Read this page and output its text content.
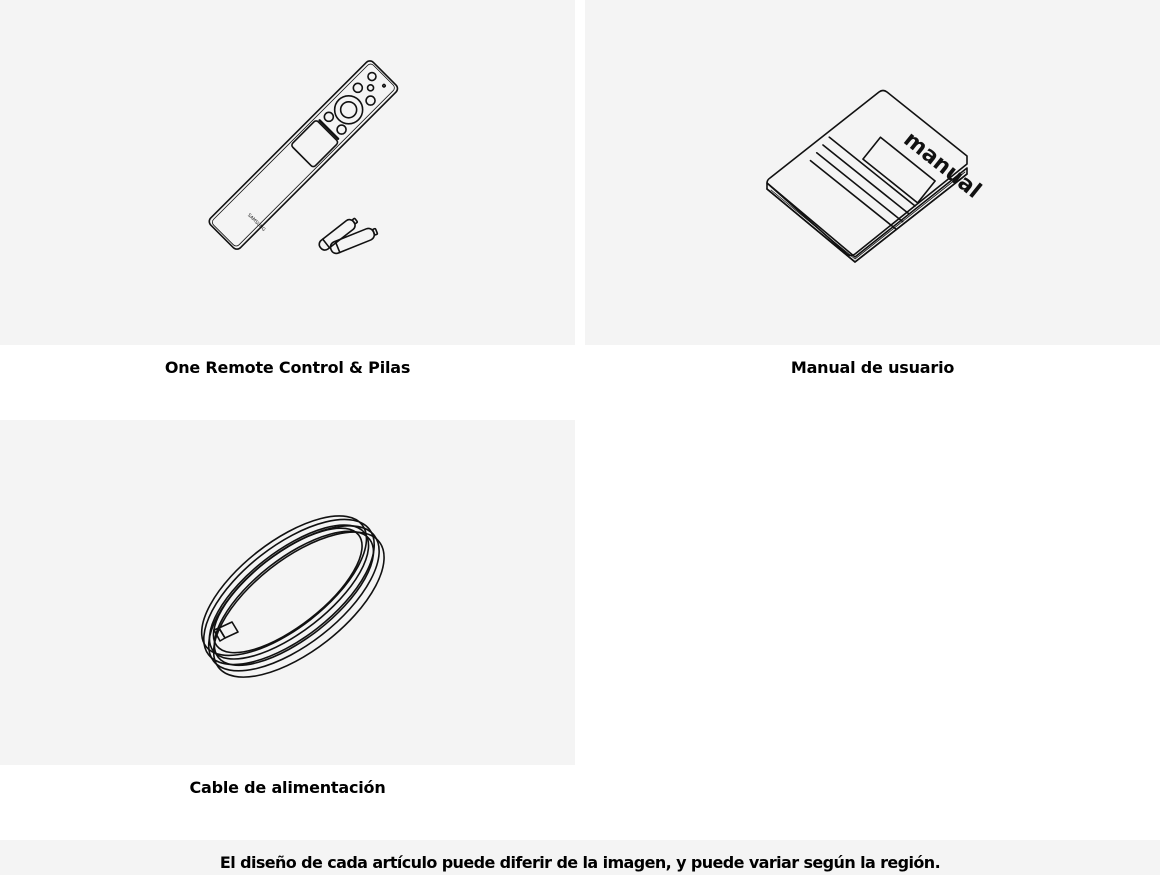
SAMSUNG
One Remote Control & Pilas
manual
Manual de usuario
Cable de alimentación
El diseño de cada artículo puede diferir de la imagen, y puede variar según la región.
